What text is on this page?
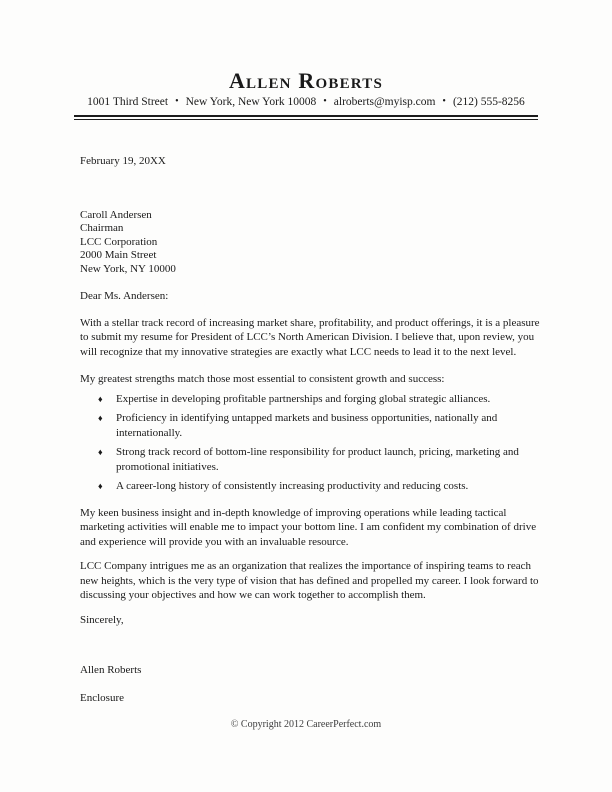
Allen Roberts
1001 Third Street • New York, New York 10008 • alroberts@myisp.com • (212) 555-8256

February 19, 20XX

Caroll Andersen
Chairman
LCC Corporation
2000 Main Street
New York, NY 10000

Dear Ms. Andersen:

With a stellar track record of increasing market share, profitability, and product offerings, it is a pleasure to submit my resume for President of LCC’s North American Division. I believe that, upon review, you will recognize that my innovative strategies are exactly what LCC needs to lead it to the next level.

My greatest strengths match those most essential to consistent growth and success:

♦ Expertise in developing profitable partnerships and forging global strategic alliances.
♦ Proficiency in identifying untapped markets and business opportunities, nationally and internationally.
♦ Strong track record of bottom-line responsibility for product launch, pricing, marketing and promotional initiatives.
♦ A career-long history of consistently increasing productivity and reducing costs.

My keen business insight and in-depth knowledge of improving operations while leading tactical marketing activities will enable me to impact your bottom line. I am confident my combination of drive and experience will provide you with an invaluable resource.

LCC Company intrigues me as an organization that realizes the importance of inspiring teams to reach new heights, which is the very type of vision that has defined and propelled my career. I look forward to discussing your objectives and how we can work together to accomplish them.

Sincerely,

Allen Roberts

Enclosure

© Copyright 2012 CareerPerfect.com
